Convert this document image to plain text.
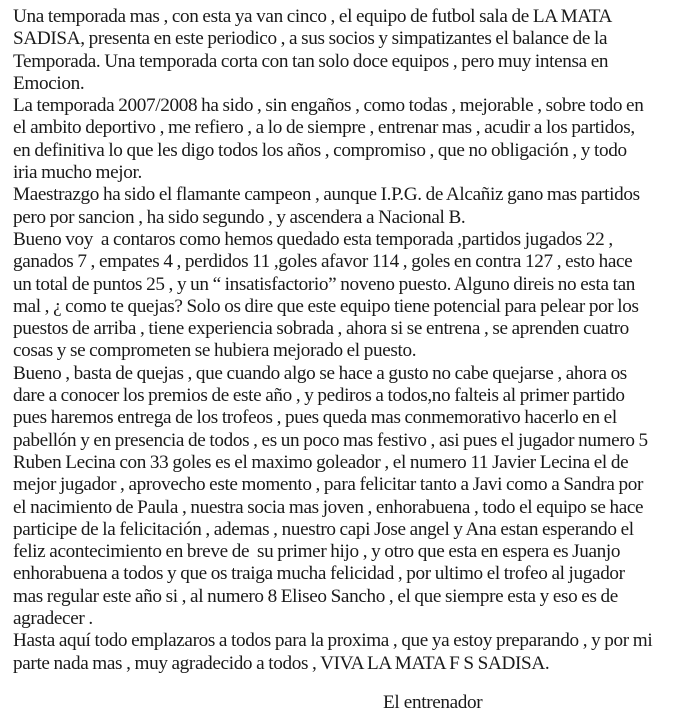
Una temporada mas , con esta ya van cinco , el equipo de futbol sala de LA MATA
SADISA, presenta en este periodico , a sus socios y simpatizantes el balance de la
Temporada. Una temporada corta con tan solo doce equipos , pero muy intensa en
Emocion.
La temporada 2007/2008 ha sido , sin engaños , como todas , mejorable , sobre todo en
el ambito deportivo , me refiero , a lo de siempre , entrenar mas , acudir a los partidos,
en definitiva lo que les digo todos los años , compromiso , que no obligación , y todo
iria mucho mejor.
Maestrazgo ha sido el flamante campeon , aunque I.P.G. de Alcañiz gano mas partidos
pero por sancion , ha sido segundo , y ascendera a Nacional B.
Bueno voy  a contaros como hemos quedado esta temporada ,partidos jugados 22 ,
ganados 7 , empates 4 , perdidos 11 ,goles afavor 114 , goles en contra 127 , esto hace
un total de puntos 25 , y un “ insatisfactorio” noveno puesto. Alguno direis no esta tan
mal , ¿ como te quejas? Solo os dire que este equipo tiene potencial para pelear por los
puestos de arriba , tiene experiencia sobrada , ahora si se entrena , se aprenden cuatro
cosas y se comprometen se hubiera mejorado el puesto.
Bueno , basta de quejas , que cuando algo se hace a gusto no cabe quejarse , ahora os
dare a conocer los premios de este año , y pediros a todos,no falteis al primer partido
pues haremos entrega de los trofeos , pues queda mas conmemorativo hacerlo en el
pabellón y en presencia de todos , es un poco mas festivo , asi pues el jugador numero 5
Ruben Lecina con 33 goles es el maximo goleador , el numero 11 Javier Lecina el de
mejor jugador , aprovecho este momento , para felicitar tanto a Javi como a Sandra por
el nacimiento de Paula , nuestra socia mas joven , enhorabuena , todo el equipo se hace
participe de la felicitación , ademas , nuestro capi Jose angel y Ana estan esperando el
feliz acontecimiento en breve de  su primer hijo , y otro que esta en espera es Juanjo
enhorabuena a todos y que os traiga mucha felicidad , por ultimo el trofeo al jugador
mas regular este año si , al numero 8 Eliseo Sancho , el que siempre esta y eso es de
agradecer .
Hasta aquí todo emplazaros a todos para la proxima , que ya estoy preparando , y por mi
parte nada mas , muy agradecido a todos , VIVA LA MATA F S SADISA.
El entrenador
